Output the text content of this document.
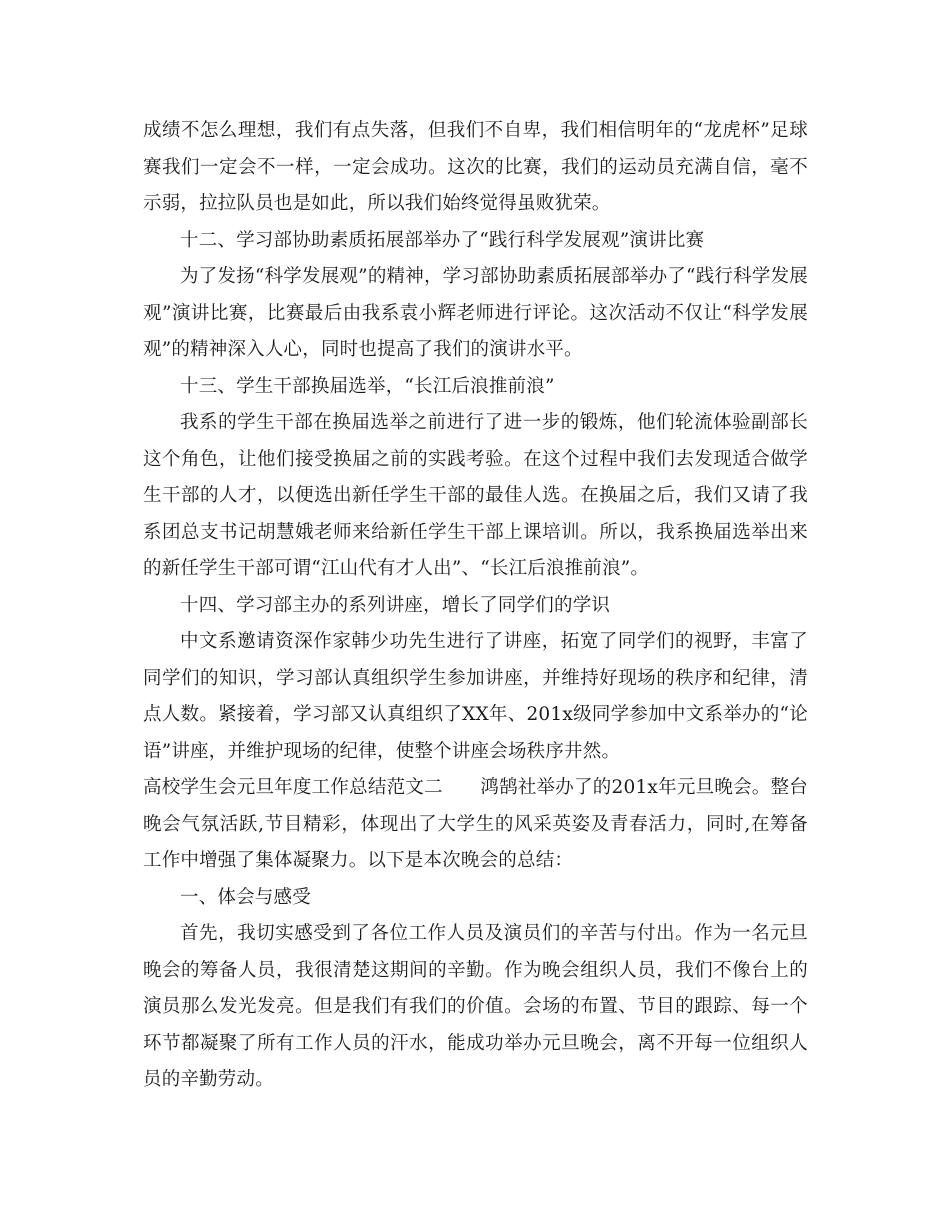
成绩不怎么理想，我们有点失落，但我们不自卑，我们相信明年的“龙虎杯”足球赛我们一定会不一样，一定会成功。这次的比赛，我们的运动员充满自信，毫不示弱，拉拉队员也是如此，所以我们始终觉得虽败犹荣。

十二、学习部协助素质拓展部举办了“践行科学发展观”演讲比赛

为了发扬“科学发展观”的精神，学习部协助素质拓展部举办了“践行科学发展观”演讲比赛，比赛最后由我系袁小辉老师进行评论。这次活动不仅让“科学发展观”的精神深入人心，同时也提高了我们的演讲水平。

十三、学生干部换届选举，“长江后浪推前浪”

我系的学生干部在换届选举之前进行了进一步的锻炼，他们轮流体验副部长这个角色，让他们接受换届之前的实践考验。在这个过程中我们去发现适合做学生干部的人才，以便选出新任学生干部的最佳人选。在换届之后，我们又请了我系团总支书记胡慧娥老师来给新任学生干部上课培训。所以，我系换届选举出来的新任学生干部可谓“江山代有才人出”、“长江后浪推前浪”。

十四、学习部主办的系列讲座，增长了同学们的学识

中文系邀请资深作家韩少功先生进行了讲座，拓宽了同学们的视野，丰富了同学们的知识，学习部认真组织学生参加讲座，并维持好现场的秩序和纪律，清点人数。紧接着，学习部又认真组织了XX年、201x级同学参加中文系举办的“论语”讲座，并维护现场的纪律，使整个讲座会场秩序井然。

高校学生会元旦年度工作总结范文二　　鸿鹄社举办了的201x年元旦晚会。整台晚会气氛活跃,节目精彩，体现出了大学生的风采英姿及青春活力，同时,在筹备工作中增强了集体凝聚力。以下是本次晚会的总结：

一、体会与感受

首先，我切实感受到了各位工作人员及演员们的辛苦与付出。作为一名元旦晚会的筹备人员，我很清楚这期间的辛勤。作为晚会组织人员，我们不像台上的演员那么发光发亮。但是我们有我们的价值。会场的布置、节目的跟踪、每一个环节都凝聚了所有工作人员的汗水，能成功举办元旦晚会，离不开每一位组织人员的辛勤劳动。
